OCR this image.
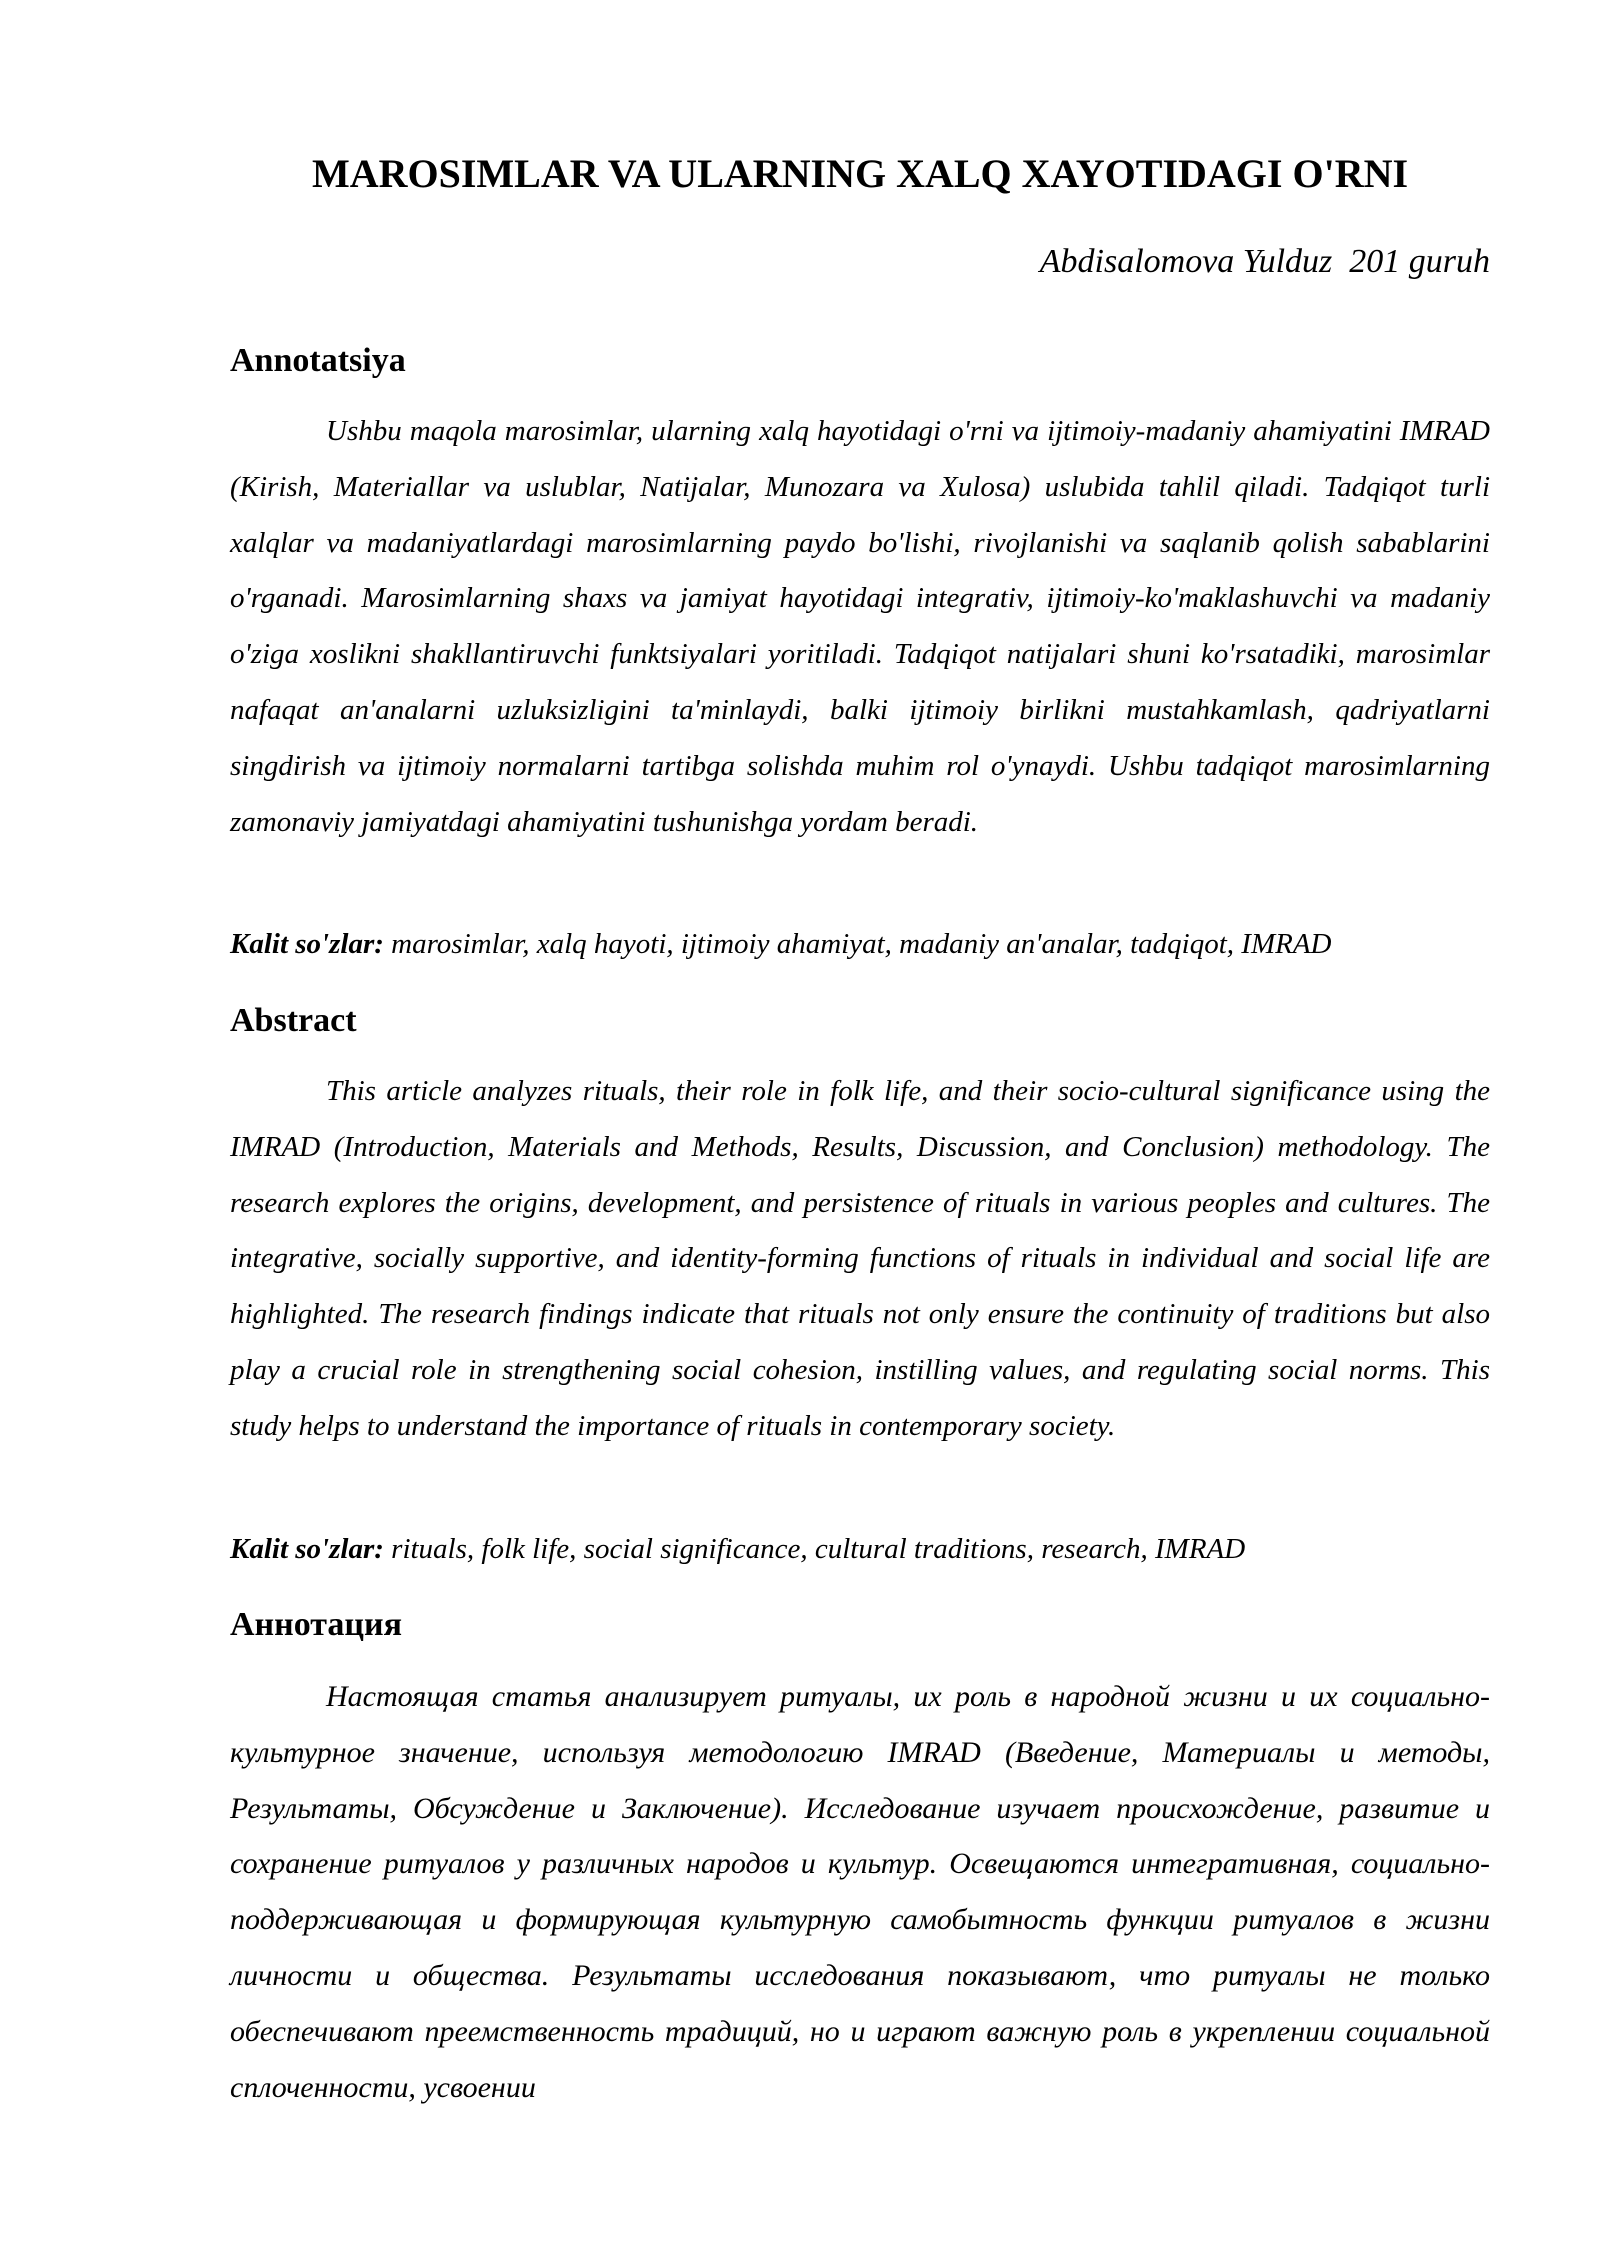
MAROSIMLAR VA ULARNING XALQ XAYOTIDAGI O'RNI

Abdisalomova Yulduz  201 guruh

Annotatsiya

Ushbu maqola marosimlar, ularning xalq hayotidagi o'rni va ijtimoiy-madaniy ahamiyatini IMRAD (Kirish, Materiallar va uslublar, Natijalar, Munozara va Xulosa) uslubida tahlil qiladi. Tadqiqot turli xalqlar va madaniyatlardagi marosimlarning paydo bo'lishi, rivojlanishi va saqlanib qolish sabablarini o'rganadi. Marosimlarning shaxs va jamiyat hayotidagi integrativ, ijtimoiy-ko'maklashuvchi va madaniy o'ziga xoslikni shakllantiruvchi funktsiyalari yoritiladi. Tadqiqot natijalari shuni ko'rsatadiki, marosimlar nafaqat an'analarni uzluksizligini ta'minlaydi, balki ijtimoiy birlikni mustahkamlash, qadriyatlarni singdirish va ijtimoiy normalarni tartibga solishda muhim rol o'ynaydi. Ushbu tadqiqot marosimlarning zamonaviy jamiyatdagi ahamiyatini tushunishga yordam beradi.

Kalit so'zlar: marosimlar, xalq hayoti, ijtimoiy ahamiyat, madaniy an'analar, tadqiqot, IMRAD

Abstract

This article analyzes rituals, their role in folk life, and their socio-cultural significance using the IMRAD (Introduction, Materials and Methods, Results, Discussion, and Conclusion) methodology. The research explores the origins, development, and persistence of rituals in various peoples and cultures. The integrative, socially supportive, and identity-forming functions of rituals in individual and social life are highlighted. The research findings indicate that rituals not only ensure the continuity of traditions but also play a crucial role in strengthening social cohesion, instilling values, and regulating social norms. This study helps to understand the importance of rituals in contemporary society.

Kalit so'zlar: rituals, folk life, social significance, cultural traditions, research, IMRAD

Аннотация

Настоящая статья анализирует ритуалы, их роль в народной жизни и их социально-культурное значение, используя методологию IMRAD (Введение, Материалы и методы, Результаты, Обсуждение и Заключение). Исследование изучает происхождение, развитие и сохранение ритуалов у различных народов и культур. Освещаются интегративная, социально-поддерживающая и формирующая культурную самобытность функции ритуалов в жизни личности и общества. Результаты исследования показывают, что ритуалы не только обеспечивают преемственность традиций, но и играют важную роль в укреплении социальной сплоченности, усвоении
